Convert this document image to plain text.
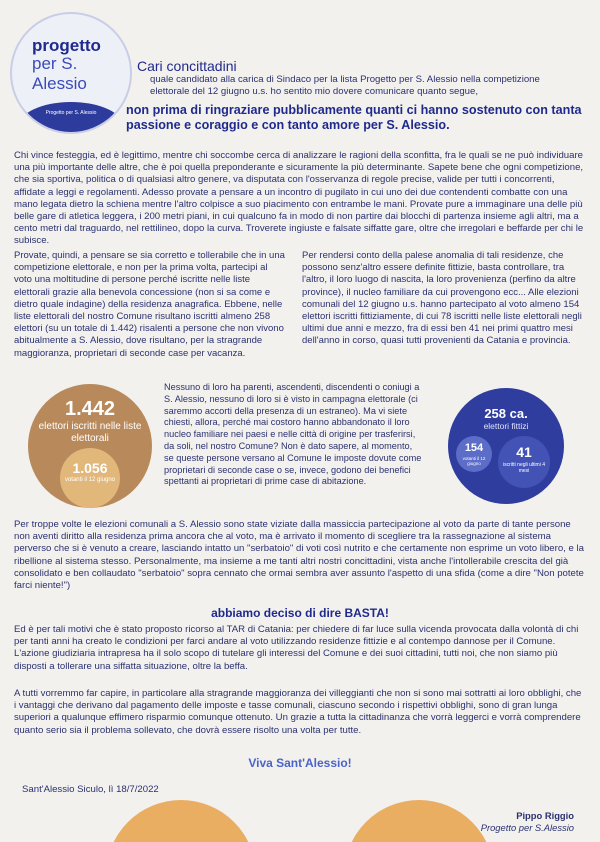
progetto
per S. Alessio
Progetto per S. Alessio
Cari concittadini

quale candidato alla carica di Sindaco per la lista Progetto per S. Alessio nella competizione elettorale del 12 giugno u.s. ho sentito mio dovere comunicare quanto segue,

non prima di ringraziare pubblicamente quanti ci hanno sostenuto con tanta passione e coraggio e con tanto amore per S. Alessio.

Chi vince festeggia, ed è legittimo, mentre chi soccombe cerca di analizzare le ragioni della sconfitta, fra le quali se ne può individuare una più importante delle altre, che è poi quella preponderante e sicuramente la più determinante. Sapete bene che ogni competizione, che sia sportiva, politica o di qualsiasi altro genere, va disputata con l'osservanza di regole precise, valide per tutti i concorrenti, affidate a leggi e regolamenti. Adesso provate a pensare a un incontro di pugilato in cui uno dei due contendenti combatte con una mano legata dietro la schiena mentre l'altro colpisce a suo piacimento con entrambe le mani. Provate pure a immaginare una delle più belle gare di atletica leggera, i 200 metri piani, in cui qualcuno fa in modo di non partire dai blocchi di partenza insieme agli altri, ma a cento metri dal traguardo, nel rettilineo, dopo la curva. Troverete ingiuste e falsate siffatte gare, oltre che irregolari e beffarde per chi le subisce.

Provate, quindi, a pensare se sia corretto e tollerabile che in una competizione elettorale, e non per la prima volta, partecipi al voto una moltitudine di persone perché iscritte nelle liste elettorali grazie alla benevola concessione (non si sa come e dietro quale indagine) della residenza anagrafica. Ebbene, nelle liste elettorali del nostro Comune risultano iscritti almeno 258 elettori (su un totale di 1.442) risalenti a persone che non vivono abitualmente a S. Alessio, dove risultano, per la stragrande maggioranza, proprietari di seconde case per vacanza.

Per rendersi conto della palese anomalia di tali residenze, che possono senz'altro essere definite fittizie, basta controllare, tra l'altro, il loro luogo di nascita, la loro provenienza (perfino da altre province), il nucleo familiare da cui provengono ecc... Alle elezioni comunali del 12 giugno u.s. hanno partecipato al voto almeno 154 elettori iscritti fittiziamente, di cui 78 iscritti nelle liste elettorali negli ultimi due anni e mezzo, fra di essi ben 41 nei primi quattro mesi dell'anno in corso, quasi tutti provenienti da Catania e provincia.

1.442
elettori iscritti nelle liste elettorali
1.056
votanti il 12 giugno

Nessuno di loro ha parenti, ascendenti, discendenti o coniugi a S. Alessio, nessuno di loro si è visto in campagna elettorale (ci saremmo accorti della presenza di un estraneo). Ma vi siete chiesti, allora, perché mai costoro hanno abbandonato il loro nucleo familiare nei paesi e nelle città di origine per trasferirsi, da soli, nel nostro Comune? Non è dato sapere, al momento, se queste persone versano al Comune le imposte dovute come proprietari di seconde case o se, invece, godono dei benefici spettanti ai proprietari di prime case di abitazione.

258 ca.
elettori fittizi
154
votanti il 12 giugno
41
iscritti negli ultimi 4 mesi

Per troppe volte le elezioni comunali a S. Alessio sono state viziate dalla massiccia partecipazione al voto da parte di tante persone non aventi diritto alla residenza prima ancora che al voto, ma è arrivato il momento di scegliere tra la rassegnazione al sistema perverso che si è venuto a creare, lasciando intatto un "serbatoio" di voti così nutrito e che certamente non esprime un voto libero, e la ribellione al sistema stesso. Personalmente, ma insieme a me tanti altri nostri concittadini, vista anche l'intollerabile crescita del già consolidato e ben collaudato "serbatoio" sopra cennato che ormai sembra aver assunto l'aspetto di una sfida (come a dire "Non potete farci niente!")

abbiamo deciso di dire BASTA!

Ed è per tali motivi che è stato proposto ricorso al TAR di Catania: per chiedere di far luce sulla vicenda provocata dalla volontà di chi per tanti anni ha creato le condizioni per farci andare al voto utilizzando residenze fittizie e al contempo dannose per il Comune. L'azione giudiziaria intrapresa ha il solo scopo di tutelare gli interessi del Comune e dei suoi cittadini, tutti noi, che non siamo più disposti a tollerare una siffatta situazione, oltre la beffa.

A tutti vorremmo far capire, in particolare alla stragrande maggioranza dei villeggianti che non si sono mai sottratti ai loro obblighi, che i vantaggi che derivano dal pagamento delle imposte e tasse comunali, ciascuno secondo i rispettivi obblighi, sono di gran lunga superiori a qualunque effimero risparmio comunque ottenuto. Un grazie a tutta la cittadinanza che vorrà leggerci e vorrà comprendere quanto serio sia il problema sollevato, che dovrà essere risolto una volta per tutte.

Viva Sant'Alessio!
Sant'Alessio Siculo, lì 18/7/2022
Pippo Riggio
Progetto per S.Alessio
